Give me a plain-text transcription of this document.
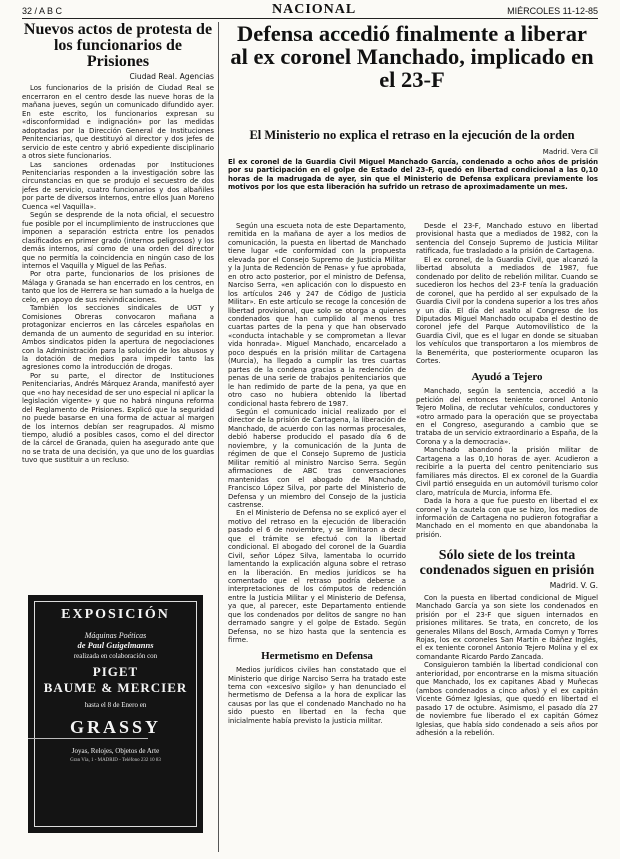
32 / A B C	NACIONAL	MIÉRCOLES 11-12-85
Nuevos actos de protesta de los funcionarios de Prisiones
Ciudad Real. Agencias

Los funcionarios de la prisión de Ciudad Real se encerraron en el centro desde las nueve horas de la mañana jueves, según un comunicado difundido ayer. En este escrito, los funcionarios expresan su «disconformidad e indignación» por las medidas adoptadas por la Dirección General de Instituciones Penitenciarias, que destituyó al director y dos jefes de servicio de este centro y abrió expediente disciplinario a otros siete funcionarios.

Las sanciones ordenadas por Instituciones Penitenciarias responden a la investigación sobre las circunstancias en que se produjo el secuestro de dos jefes de servicio, cuatro funcionarios y dos albañiles por parte de diversos internos, entre ellos Juan Moreno Cuenca «el Vaquilla».

Según se desprende de la nota oficial, el secuestro fue posible por el incumplimiento de instrucciones que imponen a separación estricta entre los penados clasificados en primer grado (internos peligrosos) y los demás internos, así como de una orden del director que no permitía la coincidencia en ningún caso de los internos el Vaquilla y Miguel de las Peñas.

Por otra parte, funcionarios de los prisiones de Málaga y Granada se han encerrado en los centros, en tanto que los de Herrera se han sumado a la huelga de celo, en apoyo de sus reivindicaciones.

También los secciones sindicales de UGT y Comisiones Obreras convocaron mañana a protagonizar encierros en las cárceles españolas en demanda de un aumento de seguridad en su interior. Ambos sindicatos piden la apertura de negociaciones con la Administración para la solución de los abusos y la dotación de medios para impedir tanto las agresiones como la introducción de drogas.

Por su parte, el director de Instituciones Penitenciarias, Andrés Márquez Aranda, manifestó ayer que «no hay necesidad de ser uno especial ni aplicar la legislación vigente» y que no habrá ninguna reforma del Reglamento de Prisiones. Explicó que la seguridad no puede basarse en una forma de actuar al margen de los internos debían ser reagrupados. Al mismo tiempo, aludió a posibles casos, como el del director de la cárcel de Granada, quien ha asegurado ante que no se trata de una decisión, ya que uno de los guardias tuvo que sustituir a un recluso.

EXPOSICIÓN
Máquinas Poéticas
de Paul Guigelmanns
realizada en colaboración con
PIGET
BAUME & MERCIER
hasta el 8 de Enero en
GRASSY
Joyas, Relojes, Objetos de Arte
Gran Vía, 1 - MADRID - Teléfono 232 10 83
Defensa accedió finalmente a liberar al ex coronel Manchado, implicado en el 23-F
El Ministerio no explica el retraso en la ejecución de la orden
Madrid. Vera Cil
El ex coronel de la Guardia Civil Miguel Manchado García, condenado a ocho años de prisión por su participación en el golpe de Estado del 23-F, quedó en libertad condicional a las 0,10 horas de la madrugada de ayer, sin que el Ministerio de Defensa explicara previamente los motivos por los que esta liberación ha sufrido un retraso de aproximadamente un mes.

Según una escueta nota de este Departamento, remitida en la mañana de ayer a los medios de comunicación, la puesta en libertad de Manchado tiene lugar «de conformidad con la propuesta elevada por el Consejo Supremo de Justicia Militar y la Junta de Redención de Penas» y fue aprobada, en otro acto posterior, por el ministro de Defensa, Narciso Serra, «en aplicación con lo dispuesto en los artículos 246 y 247 de Código de Justicia Militar». En este artículo se recoge la concesión de libertad provisional, que solo se otorga a quienes condenados que han cumplido al menos tres cuartas partes de la pena y que han observado «conducta intachable y se comprometan a llevar vida honrada». Miguel Manchado, encarcelado a poco después en la prisión militar de Cartagena (Murcia), ha llegado a cumplir las tres cuartas partes de la condena gracias a la redención de penas de una serie de trabajos penitenciarios que le han redimido de parte de la pena, ya que en otro caso no hubiera obtenido la libertad condicional hasta febrero de 1987.

Según el comunicado inicial realizado por el director de la prisión de Cartagena, la liberación de Manchado, de acuerdo con las normas procesales, debió haberse producido el pasado día 6 de noviembre, y la comunicación de la Junta de régimen de que el Consejo Supremo de Justicia Militar remitió al ministro Narciso Serra. Según afirmaciones de ABC tras conversaciones mantenidas con el abogado de Manchado, Francisco López Silva, por parte del Ministerio de Defensa y un miembro del Consejo de la justicia castrense.

En el Ministerio de Defensa no se explicó ayer el motivo del retraso en la ejecución de liberación pasado el 6 de noviembre, y se limitaron a decir que el trámite se efectuó con la libertad condicional. El abogado del coronel de la Guardia Civil, señor López Silva, lamentaba lo ocurrido lamentando la explicación alguna sobre el retraso en la liberación. En medios jurídicos se ha comentado que el retraso podría deberse a interpretaciones de los cómputos de redención entre la Justicia Militar y el Ministerio de Defensa, ya que, al parecer, este Departamento entiende que los condenados por delitos de sangre no han derramado sangre y el golpe de Estado. Según Defensa, no se hizo hasta que la sentencia es firme.

Hermetismo en Defensa

Medios jurídicos civiles han constatado que el Ministerio que dirige Narciso Serra ha tratado este tema con «excesivo sigilo» y han denunciado el hermetismo de Defensa a la hora de explicar las causas por las que el condenado Manchado no ha sido puesto en libertad en la fecha que inicialmente había previsto la justicia militar.

Desde el 23-F, Manchado estuvo en libertad provisional hasta que a mediados de 1982, con la sentencia del Consejo Supremo de Justicia Militar ratificada, fue trasladado a la prisión de Cartagena.

El ex coronel, de la Guardia Civil, que alcanzó la libertad absoluta a mediados de 1987, fue condenado por delito de rebelión militar. Cuando se sucedieron los hechos del 23-F tenía la graduación de coronel, que ha perdido al ser expulsado de la Guardia Civil por la condena superior a los tres años y un día. El día del asalto al Congreso de los Diputados Miguel Manchado ocupaba el destino de coronel jefe del Parque Automovilístico de la Guardia Civil, que es el lugar en donde se situaban los vehículos que transportaron a los miembros de la Benemérita, que posteriormente ocuparon las Cortes.

Ayudó a Tejero

Manchado, según la sentencia, accedió a la petición del entonces teniente coronel Antonio Tejero Molina, de reclutar vehículos, conductores y «otro armado para la operación que se proyectaba en el Congreso, asegurando a cambio que se trataba de un servicio extraordinario a España, de la Corona y a la democracia».

Manchado abandonó la prisión militar de Cartagena a las 0,10 horas de ayer. Acudieron a recibirle a la puerta del centro penitenciario sus familiares más directos. El ex coronel de la Guardia Civil partió enseguida en un automóvil turismo color claro, matrícula de Murcia, informa Efe.

Dada la hora a que fue puesto en libertad el ex coronel y la cautela con que se hizo, los medios de información de Cartagena no pudieron fotografiar a Manchado en el momento en que abandonaba la prisión.

Sólo siete de los treinta condenados siguen en prisión
Madrid. V. G.

Con la puesta en libertad condicional de Miguel Manchado García ya son siete los condenados en prisión por el 23-F que siguen internados en prisiones militares. Se trata, en concreto, de los generales Milans del Bosch, Armada Comyn y Torres Rojas, los ex coroneles San Martín e Ibáñez Inglés, el ex teniente coronel Antonio Tejero Molina y el ex comandante Ricardo Pardo Zancada.

Consiguieron también la libertad condicional con anterioridad, por encontrarse en la misma situación que Manchado, los ex capitanes Abad y Muñecas (ambos condenados a cinco años) y el ex capitán Vicente Gómez Iglesias, que quedó en libertad el pasado 17 de octubre. Asimismo, el pasado día 27 de noviembre fue liberado el ex capitán Gómez Iglesias, que había sido condenado a seis años por adhesión a la rebelión.
